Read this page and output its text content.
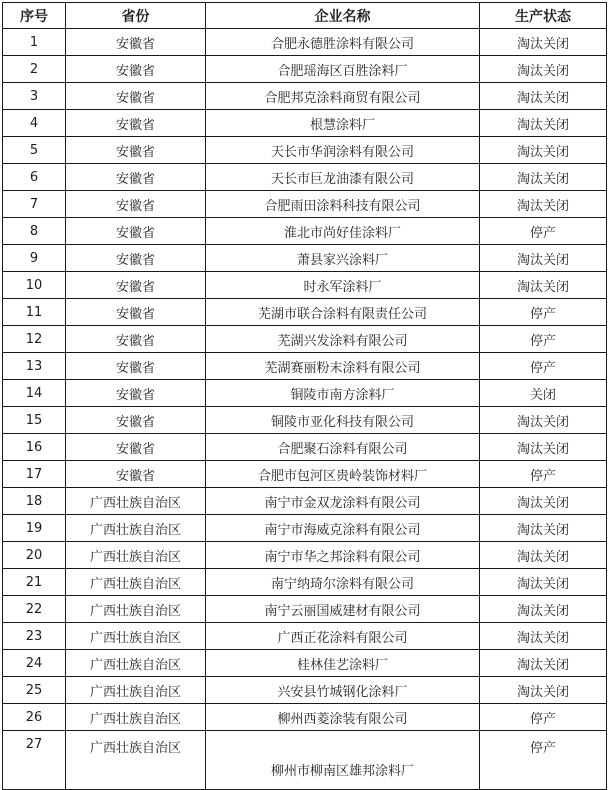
序号	省份	企业名称	生产状态
1	安徽省	合肥永德胜涂料有限公司	淘汰关闭
2	安徽省	合肥瑶海区百胜涂料厂	淘汰关闭
3	安徽省	合肥邦克涂料商贸有限公司	淘汰关闭
4	安徽省	根慧涂料厂	淘汰关闭
5	安徽省	天长市华润涂料有限公司	淘汰关闭
6	安徽省	天长市巨龙油漆有限公司	淘汰关闭
7	安徽省	合肥雨田涂料科技有限公司	淘汰关闭
8	安徽省	淮北市尚好佳涂料厂	停产
9	安徽省	萧县家兴涂料厂	淘汰关闭
10	安徽省	时永军涂料厂	淘汰关闭
11	安徽省	芜湖市联合涂料有限责任公司	停产
12	安徽省	芜湖兴发涂料有限公司	停产
13	安徽省	芜湖赛丽粉末涂料有限公司	停产
14	安徽省	铜陵市南方涂料厂	关闭
15	安徽省	铜陵市亚化科技有限公司	淘汰关闭
16	安徽省	合肥聚石涂料有限公司	淘汰关闭
17	安徽省	合肥市包河区贵岭装饰材料厂	停产
18	广西壮族自治区	南宁市金双龙涂料有限公司	淘汰关闭
19	广西壮族自治区	南宁市海威克涂料有限公司	淘汰关闭
20	广西壮族自治区	南宁市华之邦涂料有限公司	淘汰关闭
21	广西壮族自治区	南宁纳琦尔涂料有限公司	淘汰关闭
22	广西壮族自治区	南宁云丽国威建材有限公司	淘汰关闭
23	广西壮族自治区	广西正花涂料有限公司	淘汰关闭
24	广西壮族自治区	桂林佳艺涂料厂	淘汰关闭
25	广西壮族自治区	兴安县竹城钢化涂料厂	淘汰关闭
26	广西壮族自治区	柳州西菱涂装有限公司	停产
27	广西壮族自治区	柳州市柳南区雄邦涂料厂	停产
